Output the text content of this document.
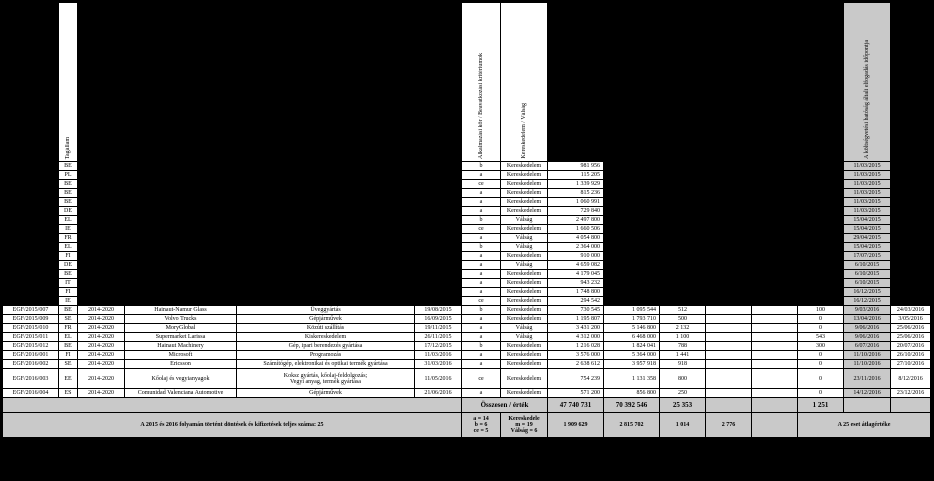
	Tagállam					Alkalmazási kör / Beavatkozási kritériumok	Kereskedelem / Válság							A költségvetési hatóság általi elfogadás időpontja	
	BE					b	Kereskedelem	981 956						11/03/2015	
	PL					a	Kereskedelem	115 205						11/03/2015	
	BE					ce	Kereskedelem	1 339 929						11/03/2015	
	BE					a	Kereskedelem	815 236						11/03/2015	
	BE					a	Kereskedelem	1 060 991						11/03/2015	
	DE					a	Kereskedelem	729 840						11/03/2015	
	EL					b	Válság	2 497 800						15/04/2015	
	IE					ce	Kereskedelem	1 660 506						15/04/2015	
	FR					a	Válság	4 054 800						29/04/2015	
	EL					b	Válság	2 364 000						15/04/2015	
	FI					a	Kereskedelem	910 000						17/07/2015	
	DE					a	Válság	4 659 082						6/10/2015	
	BE					a	Kereskedelem	4 179 045						6/10/2015	
	IT					a	Kereskedelem	943 232						6/10/2015	
	FI					a	Kereskedelem	1 748 800						16/12/2015	
	IE					ce	Kereskedelem	294 542						16/12/2015	
EGF/2015/007	BE	2014-2020	Hainaut-Namur Glass	Üveggyártás	19/08/2015	b	Kereskedelem	730 545	1 095 544	512			100	9/03/2016	24/03/2016
EGF/2015/009	SE	2014-2020	Volvo Trucks	Gépjárművek	16/09/2015	a	Kereskedelem	1 195 807	1 793 710	500			0	13/04/2016	3/05/2016
EGF/2015/010	FR	2014-2020	MoryGlobal	Közúti szállítás	19/11/2015	a	Válság	3 431 200	5 146 800	2 132			0	9/06/2016	25/06/2016
EGF/2015/011	EL	2014-2020	Supermarket Larissa	Kiskereskedelem	26/11/2015	a	Válság	4 312 000	6 468 000	1 100			543	9/06/2016	25/06/2016
EGF/2015/012	BE	2014-2020	Hainaut Machinery	Gép, ipari berendezés gyártása	17/12/2015	b	Kereskedelem	1 216 028	1 824 041	788			300	6/07/2016	20/07/2016
EGF/2016/001	FI	2014-2020	Microsoft	Programozás	11/03/2016	a	Kereskedelem	3 576 000	5 364 000	1 441			0	11/10/2016	26/10/2016
EGF/2016/002	SE	2014-2020	Ericsson	Számítógép, elektronikai és optikai termék gyártása	31/03/2016	a	Kereskedelem	2 638 612	3 957 918	918			0	11/10/2016	27/10/2016
EGF/2016/003	EE	2014-2020	Kőolaj és vegyianyagok	Koksz gyártás, kőolaj-feldolgozás;
Vegyi anyag, termék gyártása	11/05/2016	ce	Kereskedelem	754 239	1 131 358	800			0	23/11/2016	8/12/2016
EGF/2016/004	ES	2014-2020	Comunidad Valenciana Automotive	Gépjárművek	21/06/2016	a	Kereskedelem	571 200	856 800	250			0	14/12/2016	23/12/2016
						Összesen / érték		47 740 731	70 392 546	25 353			1 251		
A 2015 és 2016 folyamán történt döntések és kifizetések teljes száma: 25						a = 14
b = 6
ce = 5	Kereskedele
m = 19
Válság = 6	1 909 629	2 815 702	1 014	2 776		A 25 eset átlagértéke		
